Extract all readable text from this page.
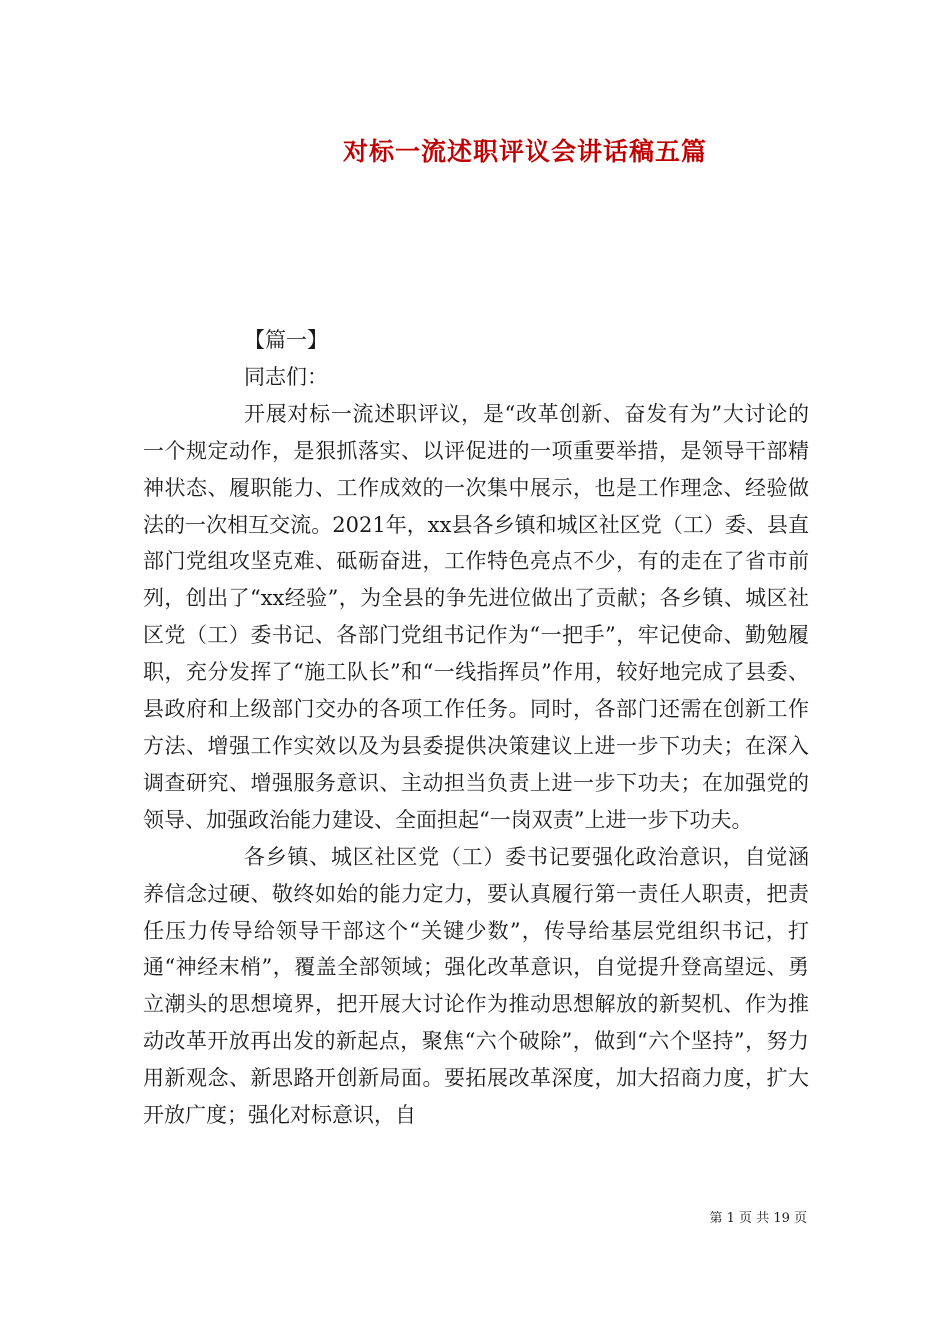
对标一流述职评议会讲话稿五篇

【篇一】

同志们：

开展对标一流述职评议，是“改革创新、奋发有为”大讨论的一个规定动作，是狠抓落实、以评促进的一项重要举措，是领导干部精神状态、履职能力、工作成效的一次集中展示，也是工作理念、经验做法的一次相互交流。2021年，xx县各乡镇和城区社区党（工）委、县直部门党组攻坚克难、砥砺奋进，工作特色亮点不少，有的走在了省市前列，创出了“xx经验”，为全县的争先进位做出了贡献；各乡镇、城区社区党（工）委书记、各部门党组书记作为“一把手”，牢记使命、勤勉履职，充分发挥了“施工队长”和“一线指挥员”作用，较好地完成了县委、县政府和上级部门交办的各项工作任务。同时，各部门还需在创新工作方法、增强工作实效以及为县委提供决策建议上进一步下功夫；在深入调查研究、增强服务意识、主动担当负责上进一步下功夫；在加强党的领导、加强政治能力建设、全面担起“一岗双责”上进一步下功夫。

各乡镇、城区社区党（工）委书记要强化政治意识，自觉涵养信念过硬、敬终如始的能力定力，要认真履行第一责任人职责，把责任压力传导给领导干部这个“关键少数”，传导给基层党组织书记，打通“神经末梢”，覆盖全部领域；强化改革意识，自觉提升登高望远、勇立潮头的思想境界，把开展大讨论作为推动思想解放的新契机、作为推动改革开放再出发的新起点，聚焦“六个破除”，做到“六个坚持”，努力用新观念、新思路开创新局面。要拓展改革深度，加大招商力度，扩大开放广度；强化对标意识，自

第 1 页 共 19 页
